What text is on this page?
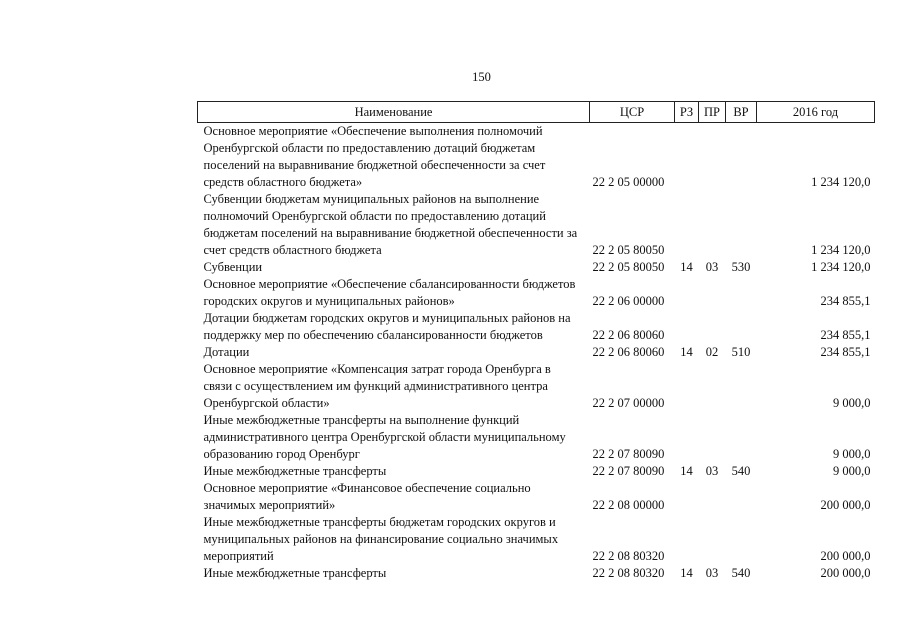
150
Наименование	ЦСР	РЗ	ПР	ВР	2016 год
Основное мероприятие «Обеспечение выполнения полномочий Оренбургской области по предоставлению дотаций бюджетам поселений на выравнивание бюджетной обеспеченности за счет средств областного бюджета»	22 2 05 00000				1 234 120,0
Субвенции бюджетам муниципальных районов на выполнение полномочий Оренбургской области по предоставлению дотаций бюджетам поселений на выравнивание бюджетной обеспеченности за счет средств областного бюджета	22 2 05 80050				1 234 120,0
Субвенции	22 2 05 80050	14	03	530	1 234 120,0
Основное мероприятие «Обеспечение сбалансированности бюджетов городских округов и муниципальных районов»	22 2 06 00000				234 855,1
Дотации бюджетам городских округов и муниципальных районов на поддержку мер по обеспечению сбалансированности бюджетов	22 2 06 80060				234 855,1
Дотации	22 2 06 80060	14	02	510	234 855,1
Основное мероприятие «Компенсация затрат города Оренбурга в связи с осуществлением им функций административного центра Оренбургской области»	22 2 07 00000				9 000,0
Иные межбюджетные трансферты на выполнение функций административного центра Оренбургской области муниципальному образованию город Оренбург	22 2 07 80090				9 000,0
Иные межбюджетные трансферты	22 2 07 80090	14	03	540	9 000,0
Основное мероприятие «Финансовое обеспечение социально значимых мероприятий»	22 2 08 00000				200 000,0
Иные межбюджетные трансферты бюджетам городских округов и муниципальных районов на финансирование социально значимых мероприятий	22 2 08 80320				200 000,0
Иные межбюджетные трансферты	22 2 08 80320	14	03	540	200 000,0
